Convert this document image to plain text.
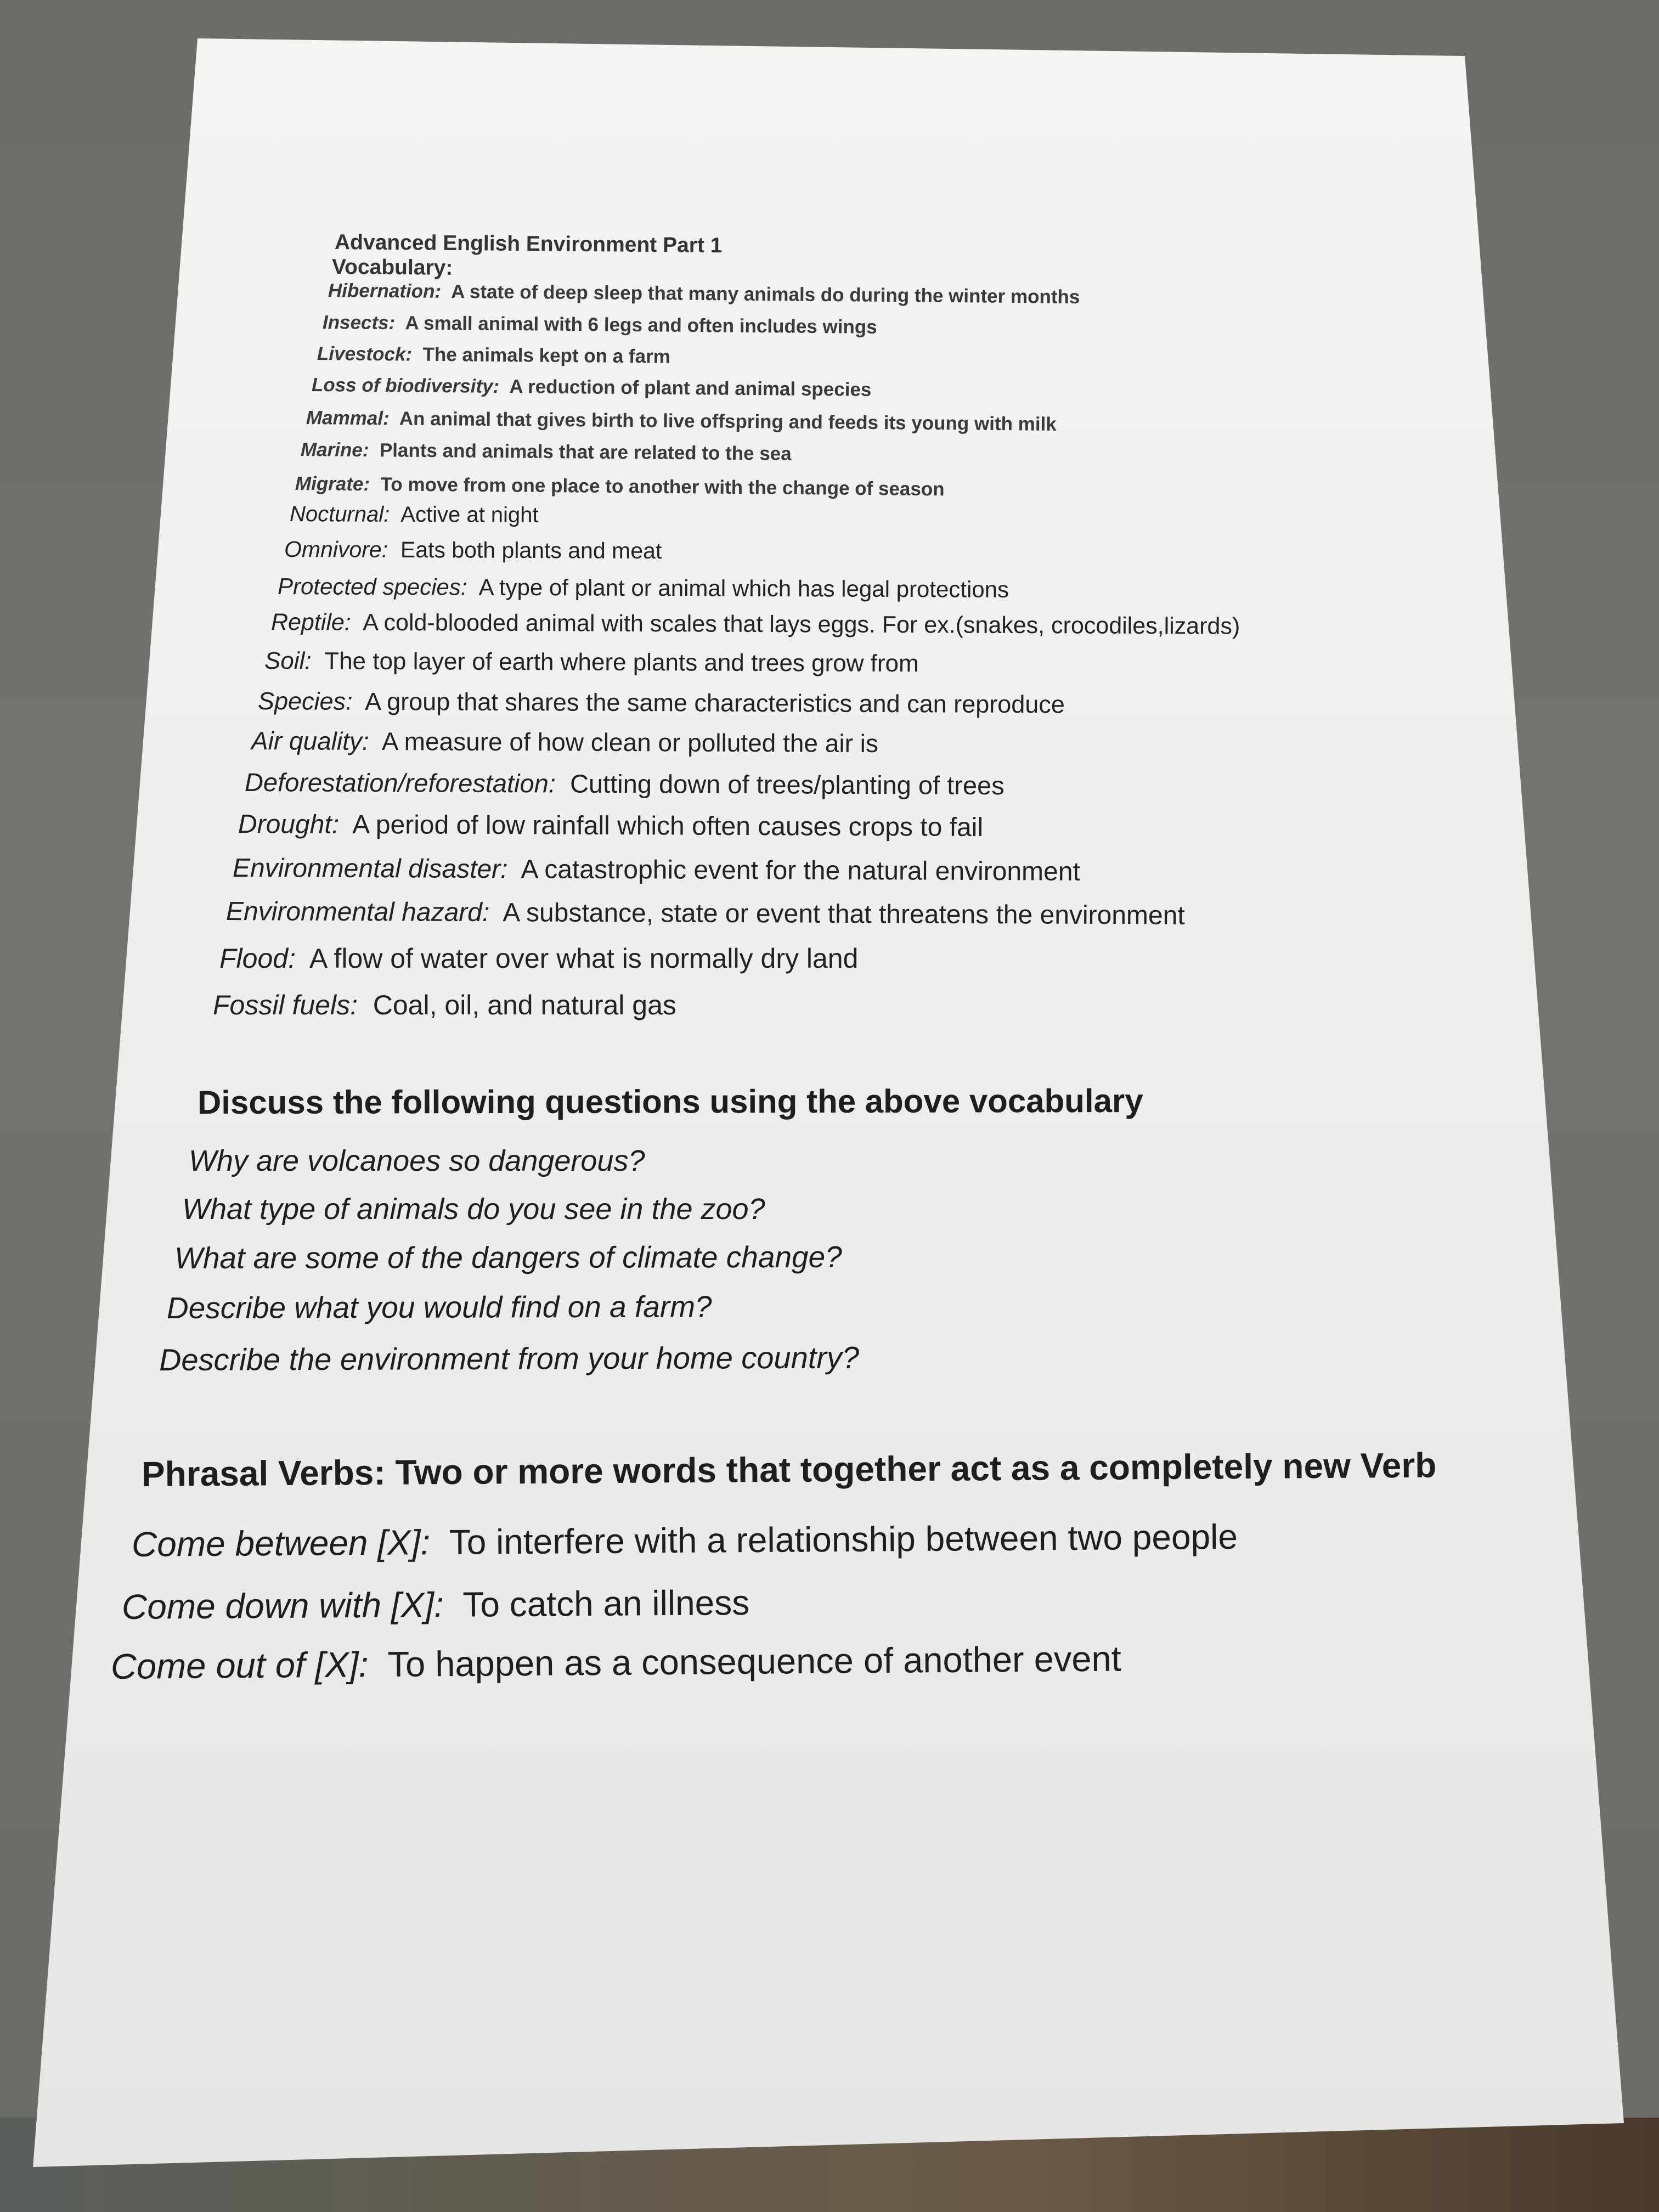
Advanced English Environment Part 1
Vocabulary:
Hibernation: A state of deep sleep that many animals do during the winter months
Insects: A small animal with 6 legs and often includes wings
Livestock: The animals kept on a farm
Loss of biodiversity: A reduction of plant and animal species
Mammal: An animal that gives birth to live offspring and feeds its young with milk
Marine: Plants and animals that are related to the sea
Migrate: To move from one place to another with the change of season
Nocturnal: Active at night
Omnivore: Eats both plants and meat
Protected species: A type of plant or animal which has legal protections
Reptile: A cold-blooded animal with scales that lays eggs. For ex.(snakes, crocodiles,lizards)
Soil: The top layer of earth where plants and trees grow from
Species: A group that shares the same characteristics and can reproduce
Air quality: A measure of how clean or polluted the air is
Deforestation/reforestation: Cutting down of trees/planting of trees
Drought: A period of low rainfall which often causes crops to fail
Environmental disaster: A catastrophic event for the natural environment
Environmental hazard: A substance, state or event that threatens the environment
Flood: A flow of water over what is normally dry land
Fossil fuels: Coal, oil, and natural gas
Discuss the following questions using the above vocabulary
Why are volcanoes so dangerous?
What type of animals do you see in the zoo?
What are some of the dangers of climate change?
Describe what you would find on a farm?
Describe the environment from your home country?
Phrasal Verbs: Two or more words that together act as a completely new Verb
Come between [X]: To interfere with a relationship between two people
Come down with [X]: To catch an illness
Come out of [X]: To happen as a consequence of another event
